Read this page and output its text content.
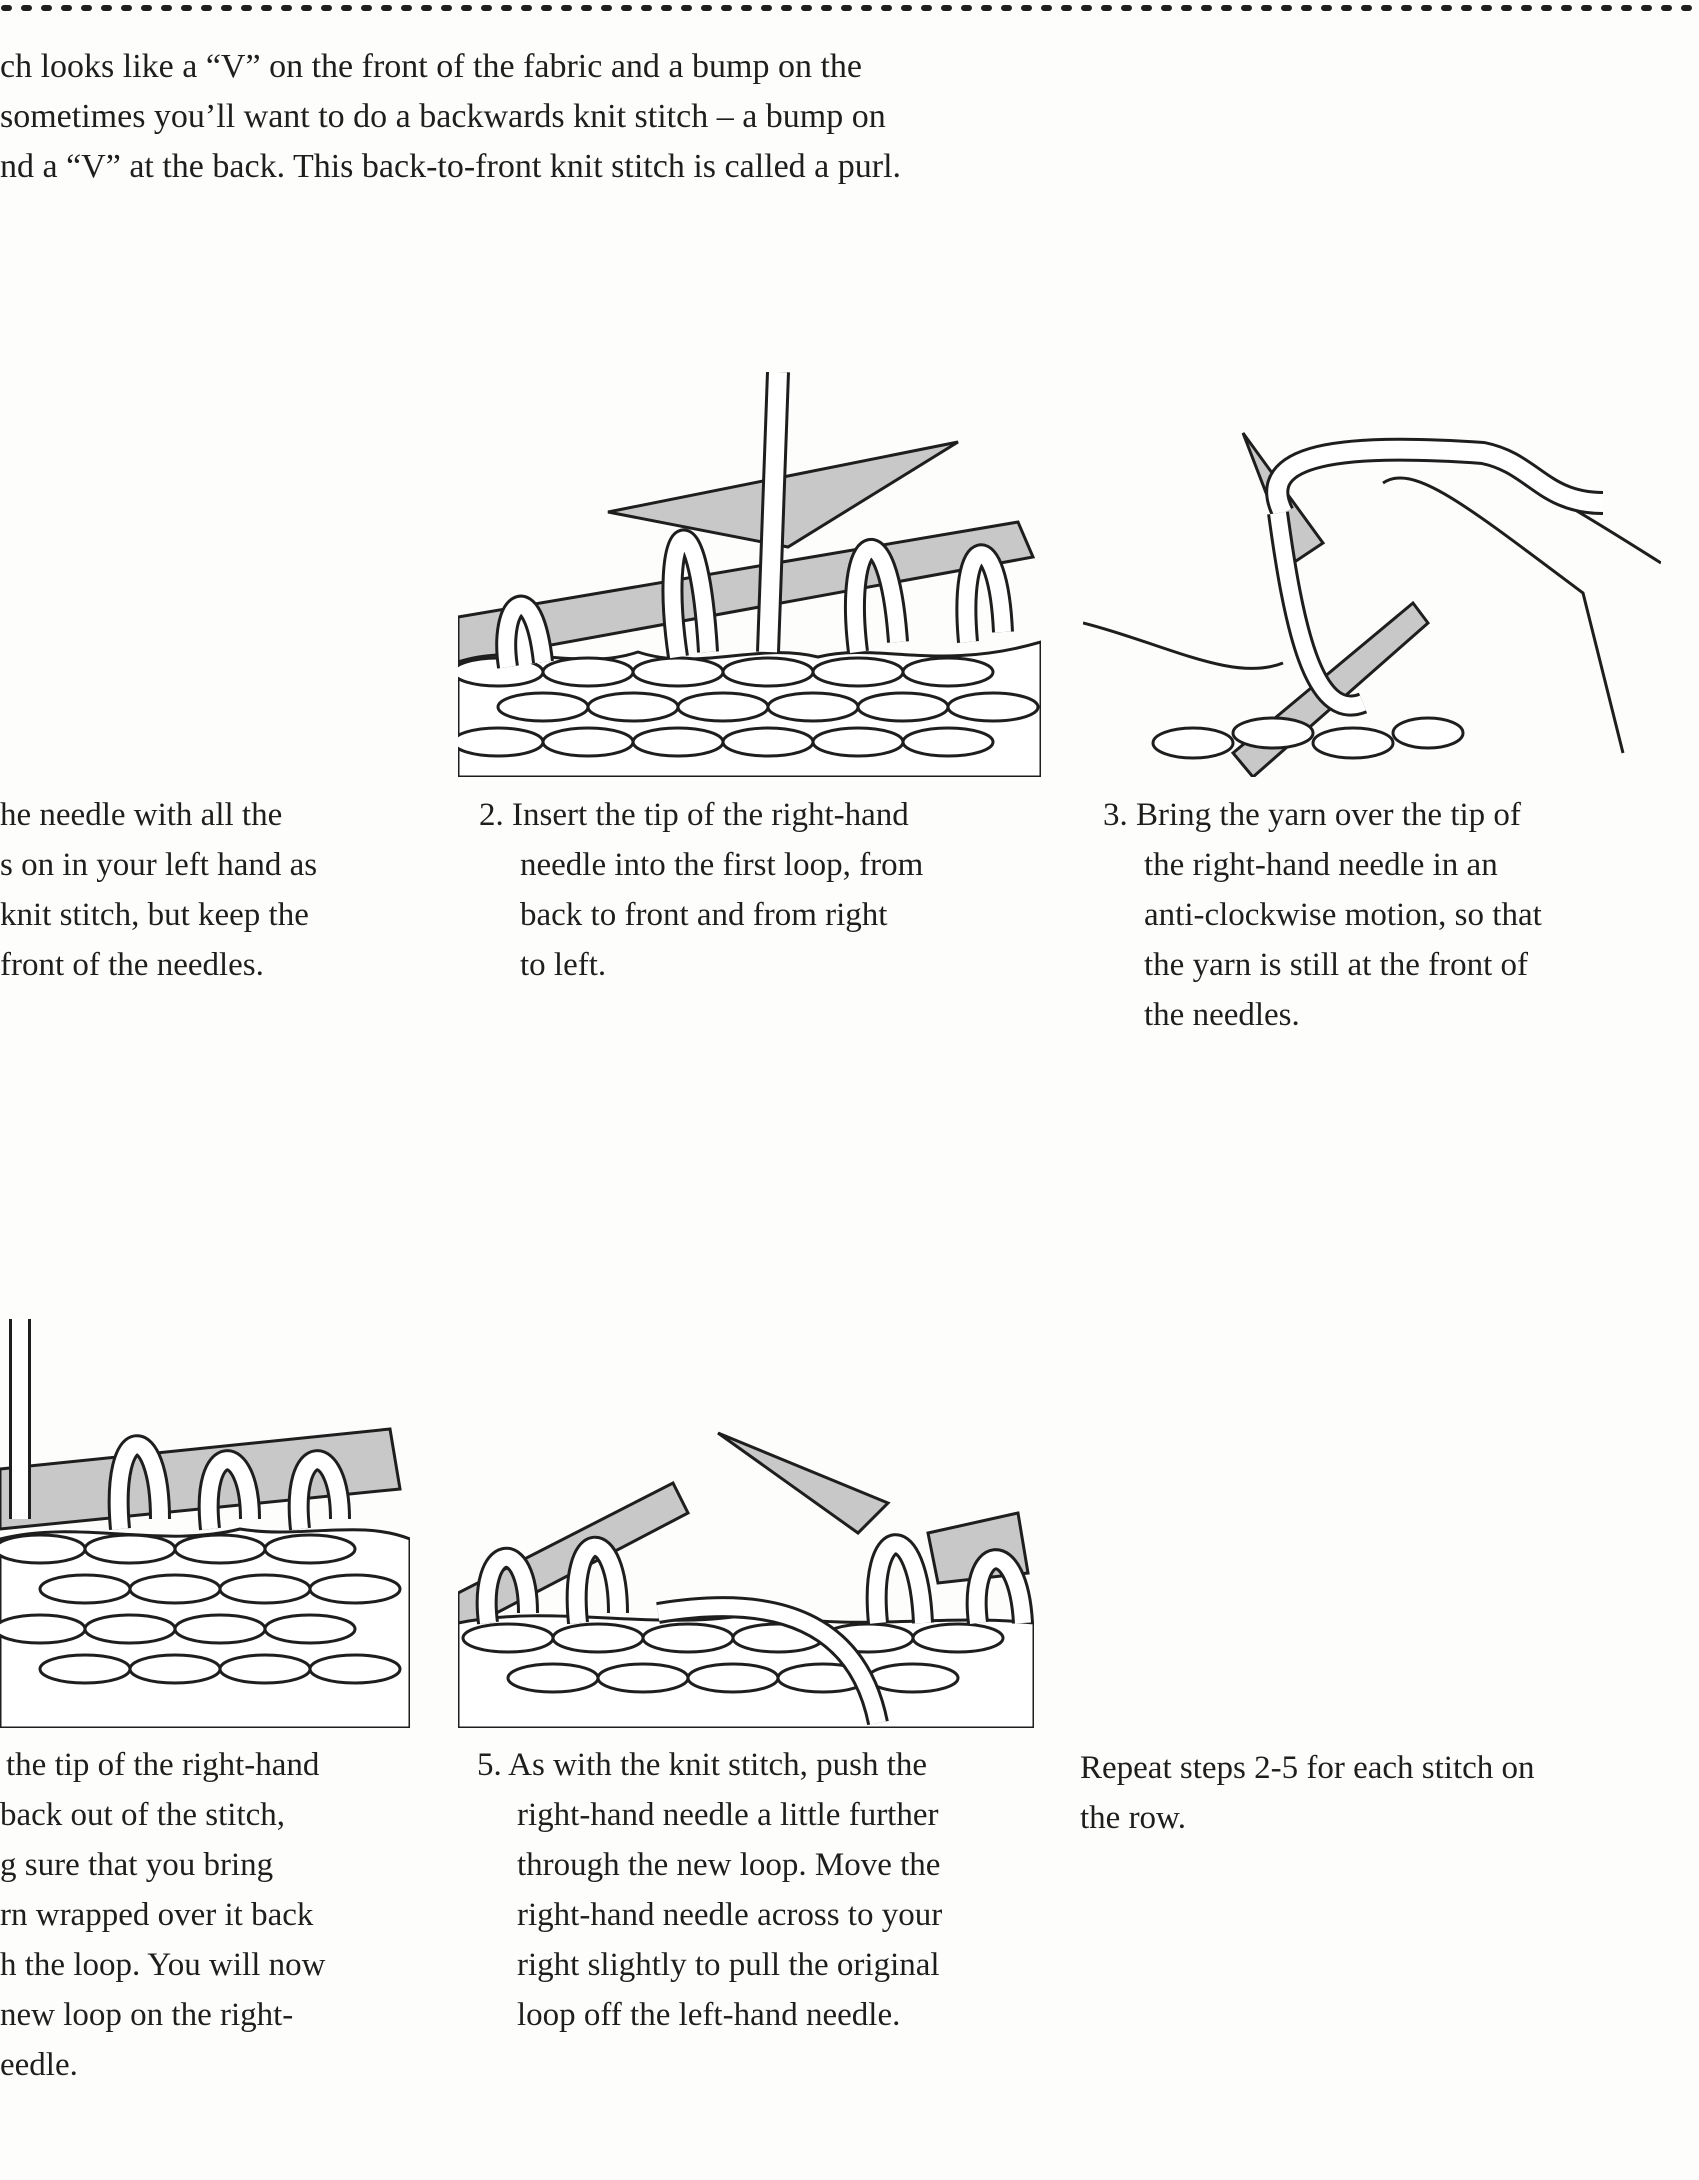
ch looks like a “V” on the front of the fabric and a bump on the
sometimes you’ll want to do a backwards knit stitch – a bump on
nd a “V” at the back. This back-to-front knit stitch is called a purl.
he needle with all the
s on in your left hand as
knit stitch, but keep the
front of the needles.
2. Insert the tip of the right-hand
needle into the first loop, from
back to front and from right
to left.
3. Bring the yarn over the tip of
the right-hand needle in an
anti-clockwise motion, so that
the yarn is still at the front of
the needles.
the tip of the right-hand
back out of the stitch,
g sure that you bring
rn wrapped over it back
h the loop. You will now
new loop on the right-
eedle.
5. As with the knit stitch, push the
right-hand needle a little further
through the new loop. Move the
right-hand needle across to your
right slightly to pull the original
loop off the left-hand needle.
Repeat steps 2-5 for each stitch on
the row.
